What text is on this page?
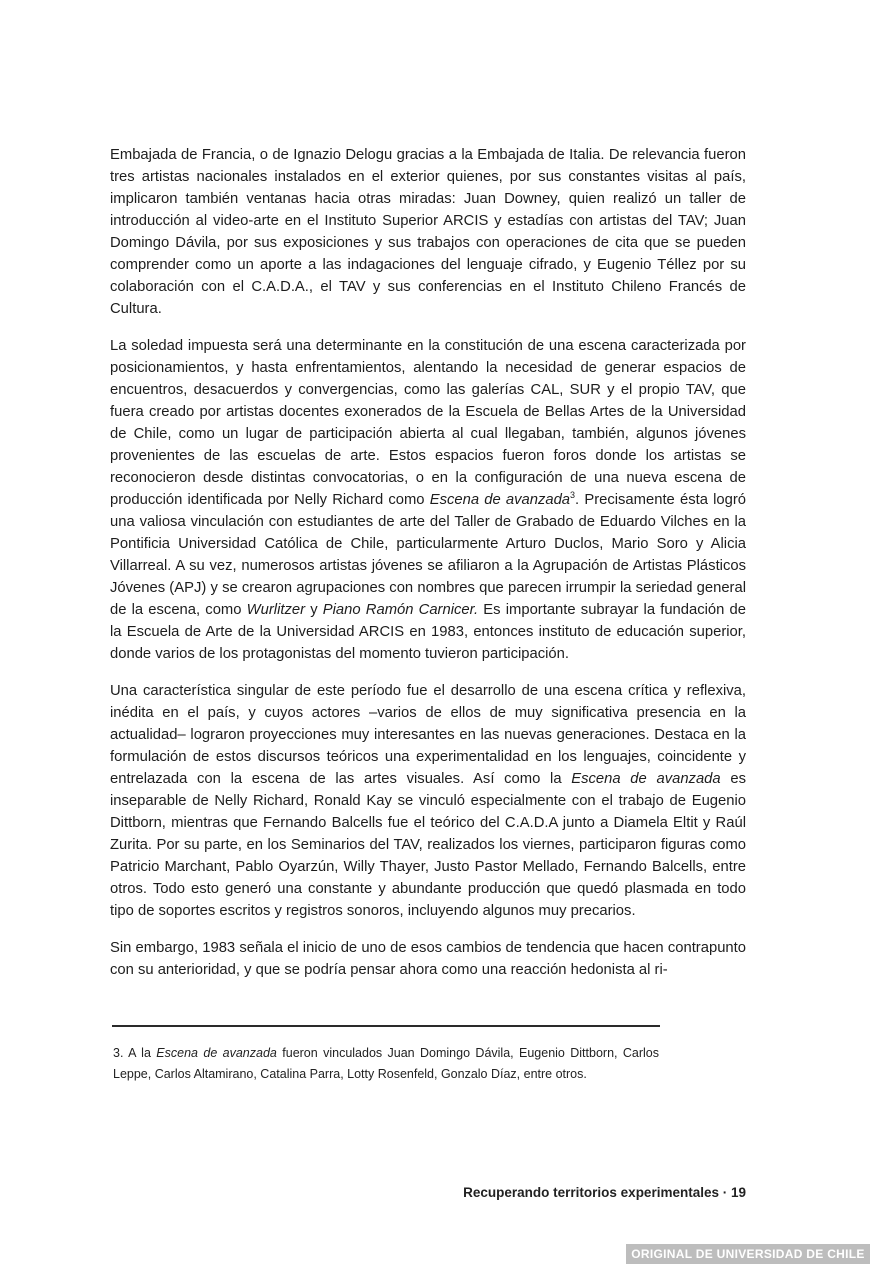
Embajada de Francia, o de Ignazio Delogu gracias a la Embajada de Italia. De relevancia fueron tres artistas nacionales instalados en el exterior quienes, por sus constantes visitas al país, implicaron también ventanas hacia otras miradas: Juan Downey, quien realizó un taller de introducción al video-arte en el Instituto Superior ARCIS y estadías con artistas del TAV; Juan Domingo Dávila, por sus exposiciones y sus trabajos con operaciones de cita que se pueden comprender como un aporte a las indagaciones del lenguaje cifrado, y Eugenio Téllez por su colaboración con el C.A.D.A., el TAV y sus conferencias en el Instituto Chileno Francés de Cultura.

La soledad impuesta será una determinante en la constitución de una escena caracterizada por posicionamientos, y hasta enfrentamientos, alentando la necesidad de generar espacios de encuentros, desacuerdos y convergencias, como las galerías CAL, SUR y el propio TAV, que fuera creado por artistas docentes exonerados de la Escuela de Bellas Artes de la Universidad de Chile, como un lugar de participación abierta al cual llegaban, también, algunos jóvenes provenientes de las escuelas de arte. Estos espacios fueron foros donde los artistas se reconocieron desde distintas convocatorias, o en la configuración de una nueva escena de producción identificada por Nelly Richard como Escena de avanzada$^3$. Precisamente ésta logró una valiosa vinculación con estudiantes de arte del Taller de Grabado de Eduardo Vilches en la Pontificia Universidad Católica de Chile, particularmente Arturo Duclos, Mario Soro y Alicia Villarreal. A su vez, numerosos artistas jóvenes se afiliaron a la Agrupación de Artistas Plásticos Jóvenes (APJ) y se crearon agrupaciones con nombres que parecen irrumpir la seriedad general de la escena, como Wurlitzer y Piano Ramón Carnicer. Es importante subrayar la fundación de la Escuela de Arte de la Universidad ARCIS en 1983, entonces instituto de educación superior, donde varios de los protagonistas del momento tuvieron participación.

Una característica singular de este período fue el desarrollo de una escena crítica y reflexiva, inédita en el país, y cuyos actores –varios de ellos de muy significativa presencia en la actualidad– lograron proyecciones muy interesantes en las nuevas generaciones. Destaca en la formulación de estos discursos teóricos una experimentalidad en los lenguajes, coincidente y entrelazada con la escena de las artes visuales. Así como la Escena de avanzada es inseparable de Nelly Richard, Ronald Kay se vinculó especialmente con el trabajo de Eugenio Dittborn, mientras que Fernando Balcells fue el teórico del C.A.D.A junto a Diamela Eltit y Raúl Zurita. Por su parte, en los Seminarios del TAV, realizados los viernes, participaron figuras como Patricio Marchant, Pablo Oyarzún, Willy Thayer, Justo Pastor Mellado, Fernando Balcells, entre otros. Todo esto generó una constante y abundante producción que quedó plasmada en todo tipo de soportes escritos y registros sonoros, incluyendo algunos muy precarios.

Sin embargo, 1983 señala el inicio de uno de esos cambios de tendencia que hacen contrapunto con su anterioridad, y que se podría pensar ahora como una reacción hedonista al ri-

3. A la Escena de avanzada fueron vinculados Juan Domingo Dávila, Eugenio Dittborn, Carlos Leppe, Carlos Altamirano, Catalina Parra, Lotty Rosenfeld, Gonzalo Díaz, entre otros.
Recuperando territorios experimentales · 19
ORIGINAL DE UNIVERSIDAD DE CHILE
